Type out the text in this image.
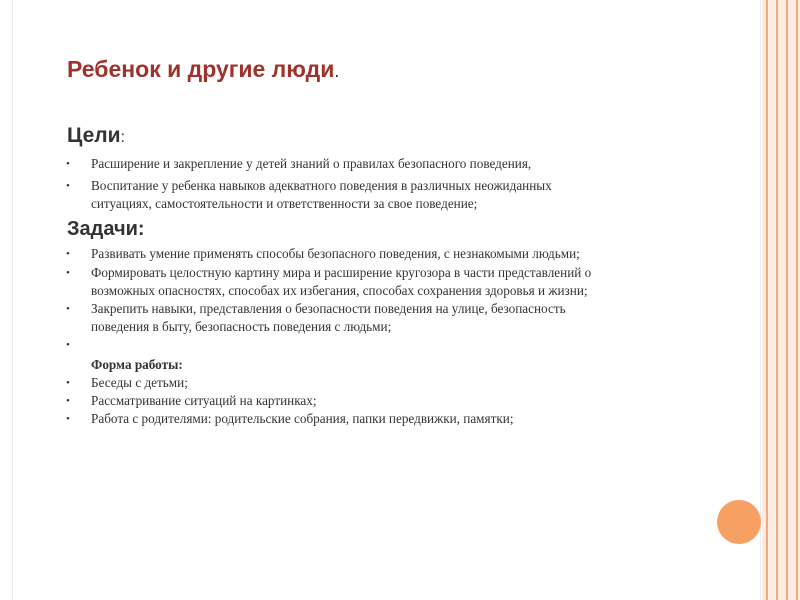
Ребенок и другие люди.
Цели:
• Расширение и закрепление у детей знаний о правилах безопасного поведения,
• Воспитание у ребенка навыков адекватного поведения в различных неожиданных
ситуациях, самостоятельности и ответственности за свое поведение;
Задачи:
• Развивать умение применять способы безопасного поведения, с незнакомыми людьми;
• Формировать целостную картину мира и расширение кругозора в части представлений о
возможных опасностях, способах их избегания, способах сохранения здоровья и жизни;
• Закрепить навыки, представления о безопасности поведения на улице, безопасность
поведения в быту, безопасность поведения с людьми;
•
Форма работы:
• Беседы с детьми;
• Рассматривание ситуаций на картинках;
• Работа с родителями: родительские собрания, папки передвижки, памятки;
